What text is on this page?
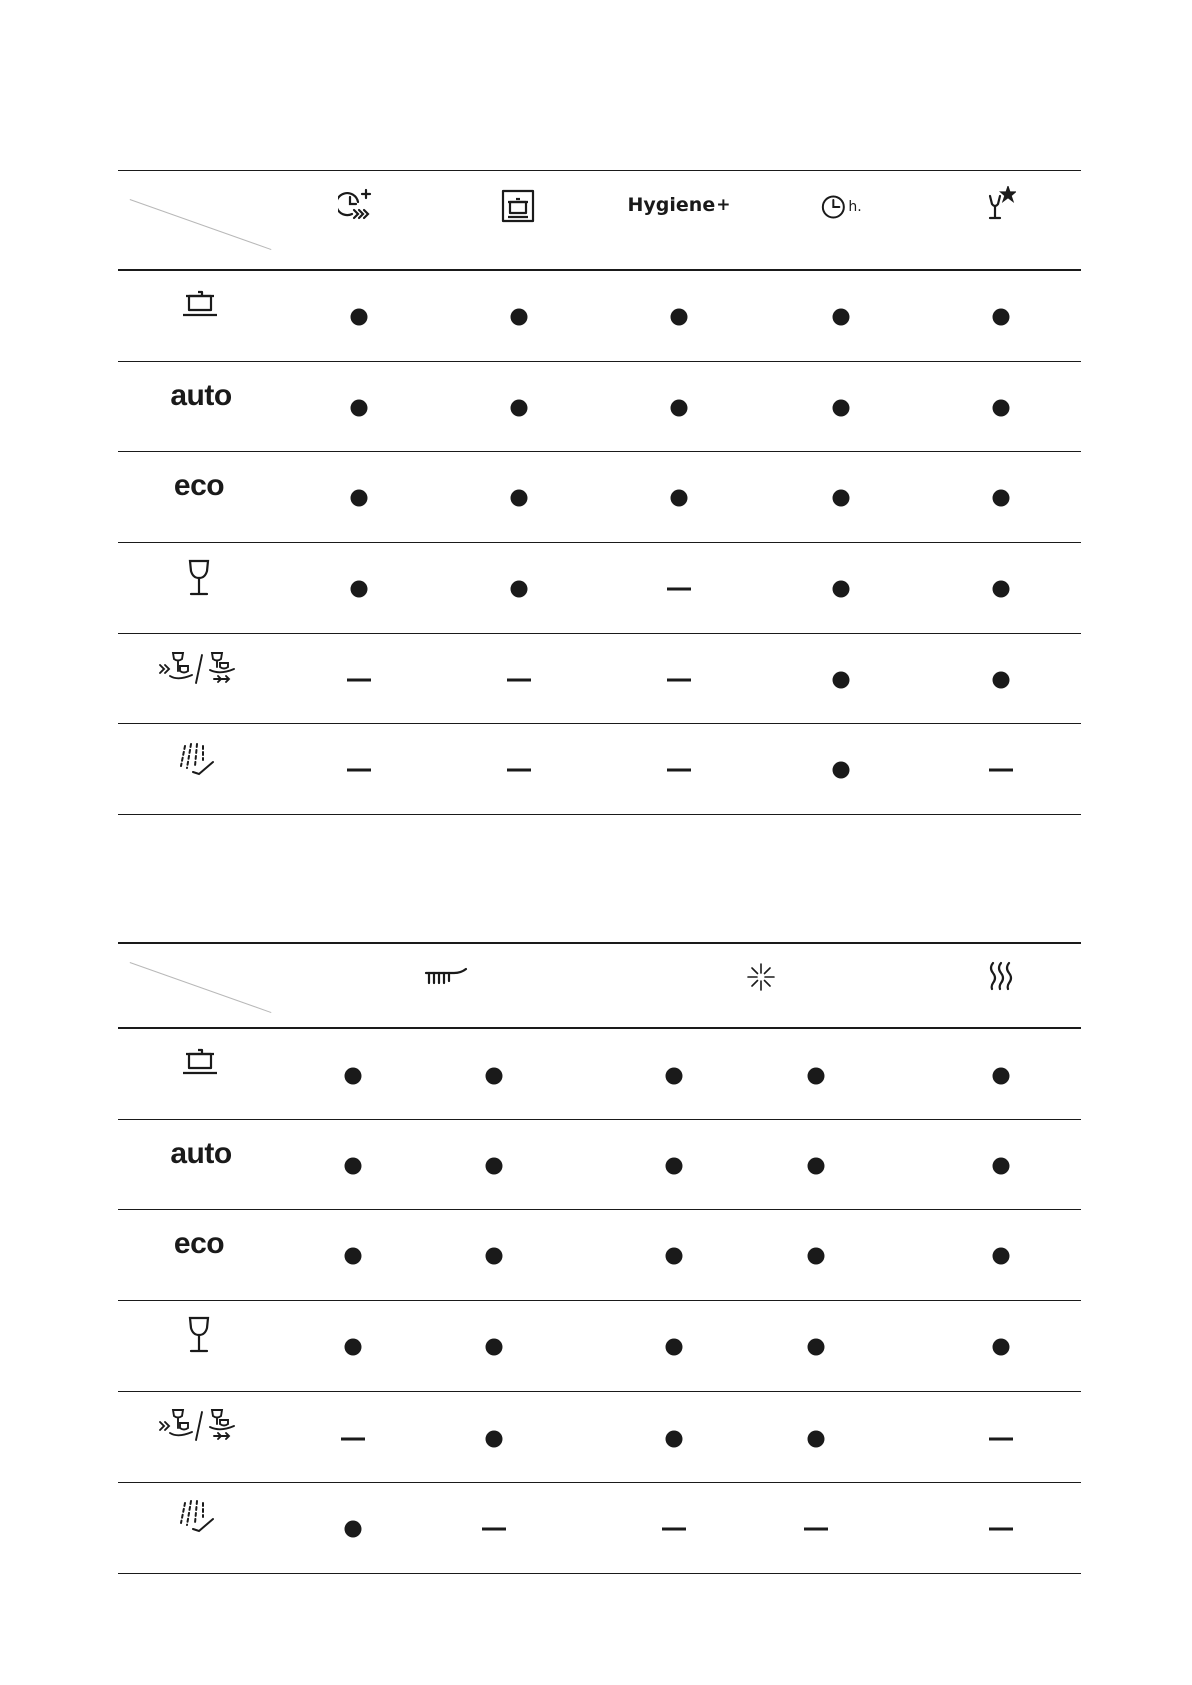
Hygiene +	h.
auto
eco
auto
eco
